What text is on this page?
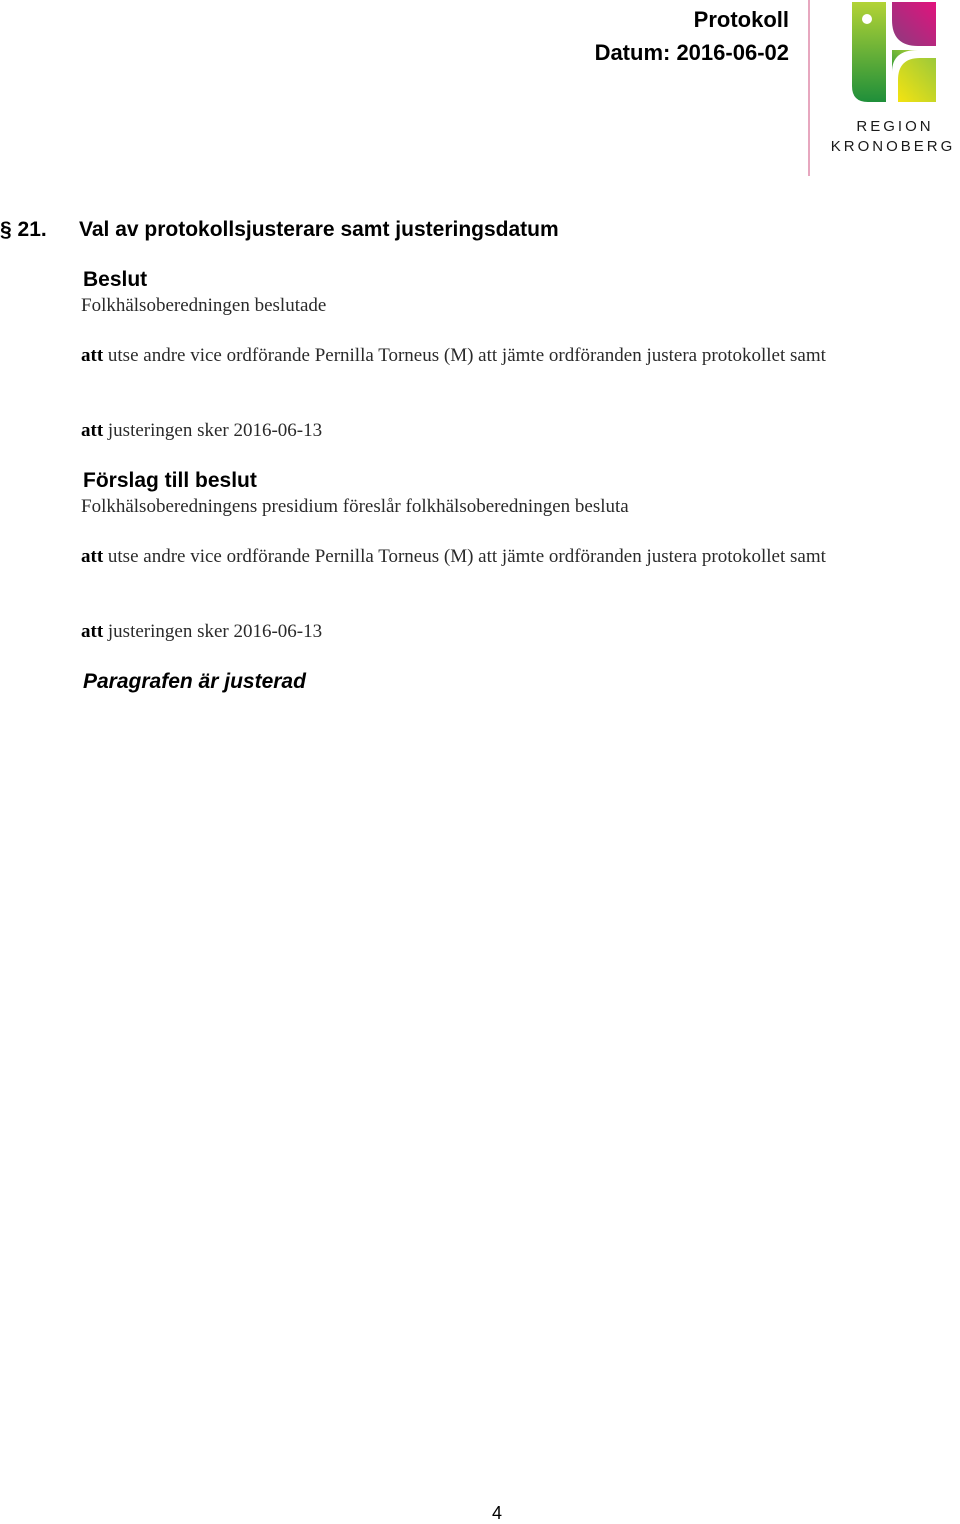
Protokoll

Datum: 2016-06-02

REGION

KRONOBERG

§ 21. Val av protokollsjusterare samt justeringsdatum
Beslut

Folkhälsoberedningen beslutade

att utse andre vice ordförande Pernilla Torneus (M) att jämte ordföranden justera protokollet samt

att justeringen sker 2016-06-13

Förslag till beslut

Folkhälsoberedningens presidium föreslår folkhälsoberedningen besluta

att utse andre vice ordförande Pernilla Torneus (M) att jämte ordföranden justera protokollet samt

att justeringen sker 2016-06-13

Paragrafen är justerad

4
